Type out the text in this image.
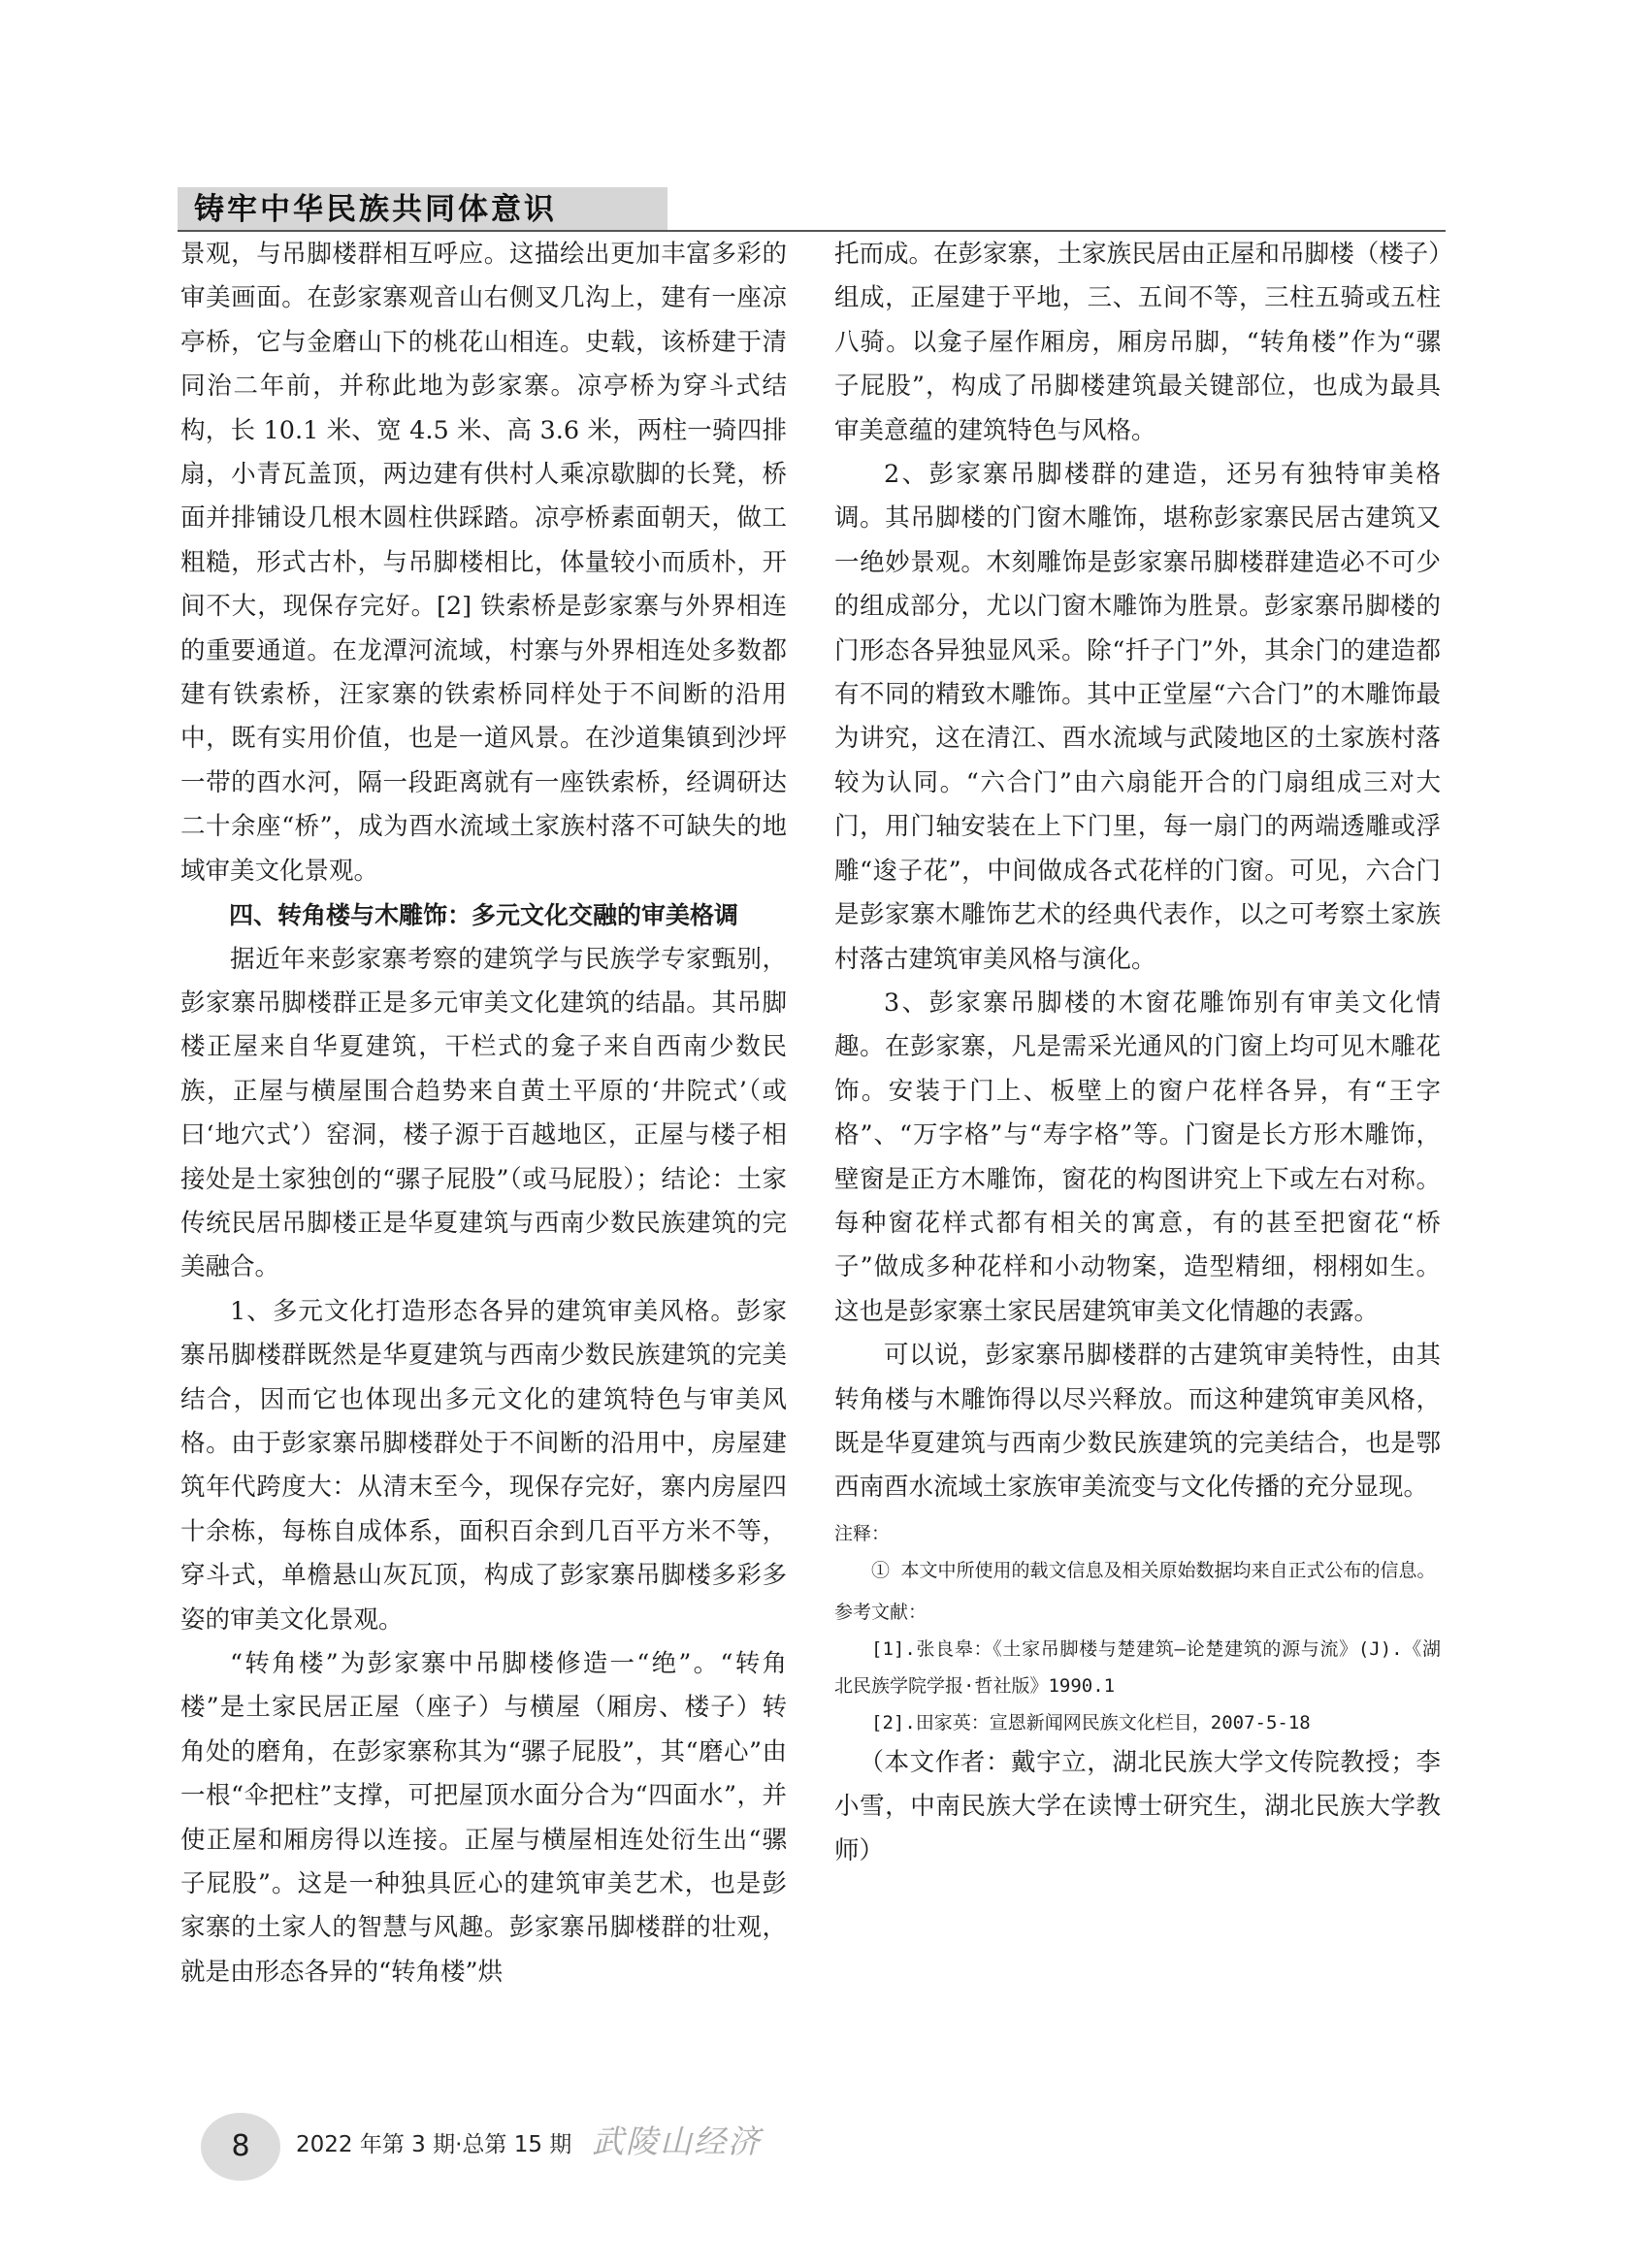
铸牢中华民族共同体意识

景观，与吊脚楼群相互呼应。这描绘出更加丰富多彩的审美画面。在彭家寨观音山右侧叉几沟上，建有一座凉亭桥，它与金磨山下的桃花山相连。史载，该桥建于清同治二年前，并称此地为彭家寨。凉亭桥为穿斗式结构，长 10.1 米、宽 4.5 米、高 3.6 米，两柱一骑四排扇，小青瓦盖顶，两边建有供村人乘凉歇脚的长凳，桥面并排铺设几根木圆柱供踩踏。凉亭桥素面朝天，做工粗糙，形式古朴，与吊脚楼相比，体量较小而质朴，开间不大，现保存完好。[2] 铁索桥是彭家寨与外界相连的重要通道。在龙潭河流域，村寨与外界相连处多数都建有铁索桥，汪家寨的铁索桥同样处于不间断的沿用中，既有实用价值，也是一道风景。在沙道集镇到沙坪一带的酉水河，隔一段距离就有一座铁索桥，经调研达二十余座“桥”，成为酉水流域土家族村落不可缺失的地域审美文化景观。

四、转角楼与木雕饰：多元文化交融的审美格调

据近年来彭家寨考察的建筑学与民族学专家甄别，彭家寨吊脚楼群正是多元审美文化建筑的结晶。其吊脚楼正屋来自华夏建筑，干栏式的龛子来自西南少数民族，正屋与横屋围合趋势来自黄土平原的‘井院式’（或曰‘地穴式’）窑洞，楼子源于百越地区，正屋与楼子相接处是土家独创的“骡子屁股”（或马屁股）；结论：土家传统民居吊脚楼正是华夏建筑与西南少数民族建筑的完美融合。

1、多元文化打造形态各异的建筑审美风格。彭家寨吊脚楼群既然是华夏建筑与西南少数民族建筑的完美结合，因而它也体现出多元文化的建筑特色与审美风格。由于彭家寨吊脚楼群处于不间断的沿用中，房屋建筑年代跨度大：从清末至今，现保存完好，寨内房屋四十余栋，每栋自成体系，面积百余到几百平方米不等，穿斗式，单檐悬山灰瓦顶，构成了彭家寨吊脚楼多彩多姿的审美文化景观。

“转角楼”为彭家寨中吊脚楼修造一“绝”。“转角楼”是土家民居正屋（座子）与横屋（厢房、楼子）转角处的磨角，在彭家寨称其为“骡子屁股”，其“磨心”由一根“伞把柱”支撑，可把屋顶水面分合为“四面水”，并使正屋和厢房得以连接。正屋与横屋相连处衍生出“骡子屁股”。这是一种独具匠心的建筑审美艺术，也是彭家寨的土家人的智慧与风趣。彭家寨吊脚楼群的壮观，就是由形态各异的“转角楼”烘

托而成。在彭家寨，土家族民居由正屋和吊脚楼（楼子）组成，正屋建于平地，三、五间不等，三柱五骑或五柱八骑。以龛子屋作厢房，厢房吊脚，“转角楼”作为“骡子屁股”，构成了吊脚楼建筑最关键部位，也成为最具审美意蕴的建筑特色与风格。

2、彭家寨吊脚楼群的建造，还另有独特审美格调。其吊脚楼的门窗木雕饰，堪称彭家寨民居古建筑又一绝妙景观。木刻雕饰是彭家寨吊脚楼群建造必不可少的组成部分，尤以门窗木雕饰为胜景。彭家寨吊脚楼的门形态各异独显风采。除“扦子门”外，其余门的建造都有不同的精致木雕饰。其中正堂屋“六合门”的木雕饰最为讲究，这在清江、酉水流域与武陵地区的土家族村落较为认同。“六合门”由六扇能开合的门扇组成三对大门，用门轴安装在上下门里，每一扇门的两端透雕或浮雕“逡子花”，中间做成各式花样的门窗。可见，六合门是彭家寨木雕饰艺术的经典代表作，以之可考察土家族村落古建筑审美风格与演化。

3、彭家寨吊脚楼的木窗花雕饰别有审美文化情趣。在彭家寨，凡是需采光通风的门窗上均可见木雕花饰。安装于门上、板壁上的窗户花样各异，有“王字格”、“万字格”与“寿字格”等。门窗是长方形木雕饰，壁窗是正方木雕饰，窗花的构图讲究上下或左右对称。每种窗花样式都有相关的寓意，有的甚至把窗花“桥子”做成多种花样和小动物案，造型精细，栩栩如生。这也是彭家寨土家民居建筑审美文化情趣的表露。

可以说，彭家寨吊脚楼群的古建筑审美特性，由其转角楼与木雕饰得以尽兴释放。而这种建筑审美风格，既是华夏建筑与西南少数民族建筑的完美结合，也是鄂西南酉水流域土家族审美流变与文化传播的充分显现。

注释：

① 本文中所使用的载文信息及相关原始数据均来自正式公布的信息。

参考文献：

[1].张良皋：《土家吊脚楼与楚建筑—论楚建筑的源与流》(J).《湖北民族学院学报·哲社版》1990.1

[2].田家英：宣恩新闻网民族文化栏目，2007-5-18

（本文作者：戴宇立，湖北民族大学文传院教授；李小雪，中南民族大学在读博士研究生，湖北民族大学教师）

8	2022 年第 3 期·总第 15 期 武陵山经济
